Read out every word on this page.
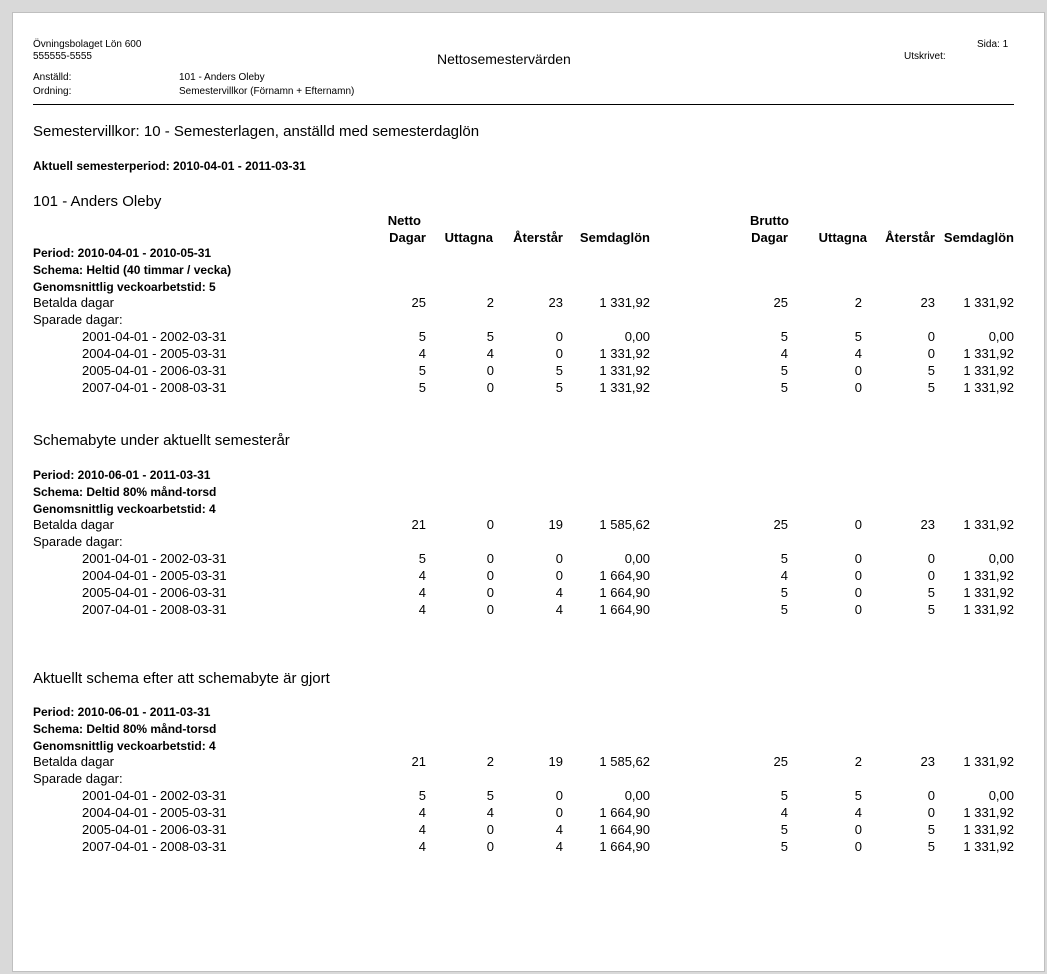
Övningsbolaget Lön 600
555555-5555	Nettosemestervärden
Sida: 1
Utskrivet:
Anställd:	101 - Anders Oleby
Ordning:	Semestervillkor (Förnamn + Efternamn)
Semestervillkor: 10 - Semesterlagen, anställd med semesterdaglön
Aktuell semesterperiod: 2010-04-01 - 2011-03-31
101 - Anders Oleby
Netto
Dagar	Uttagna	Återstår	Semdaglön
Brutto
Dagar	Uttagna	Återstår Semdaglön
Period: 2010-04-01 - 2010-05-31
Schema: Heltid (40 timmar / vecka)
Genomsnittlig veckoarbetstid: 5
Betalda dagar	25	2	23	1 331,92	25	2	23	1 331,92
Sparade dagar:
2001-04-01 - 2002-03-31	5	5	0	0,00	5	5	0	0,00
2004-04-01 - 2005-03-31	4	4	0	1 331,92	4	4	0	1 331,92
2005-04-01 - 2006-03-31	5	0	5	1 331,92	5	0	5	1 331,92
2007-04-01 - 2008-03-31	5	0	5	1 331,92	5	0	5	1 331,92
Schemabyte under aktuellt semesterår
Period: 2010-06-01 - 2011-03-31
Schema: Deltid 80% månd-torsd
Genomsnittlig veckoarbetstid: 4
Betalda dagar	21	0	19	1 585,62	25	0	23	1 331,92
Sparade dagar:
2001-04-01 - 2002-03-31	5	0	0	0,00	5	0	0	0,00
2004-04-01 - 2005-03-31	4	0	0	1 664,90	4	0	0	1 331,92
2005-04-01 - 2006-03-31	4	0	4	1 664,90	5	0	5	1 331,92
2007-04-01 - 2008-03-31	4	0	4	1 664,90	5	0	5	1 331,92
Aktuellt schema efter att schemabyte är gjort
Period: 2010-06-01 - 2011-03-31
Schema: Deltid 80% månd-torsd
Genomsnittlig veckoarbetstid: 4
Betalda dagar	21	2	19	1 585,62	25	2	23	1 331,92
Sparade dagar:
2001-04-01 - 2002-03-31	5	5	0	0,00	5	5	0	0,00
2004-04-01 - 2005-03-31	4	4	0	1 664,90	4	4	0	1 331,92
2005-04-01 - 2006-03-31	4	0	4	1 664,90	5	0	5	1 331,92
2007-04-01 - 2008-03-31	4	0	4	1 664,90	5	0	5	1 331,92
